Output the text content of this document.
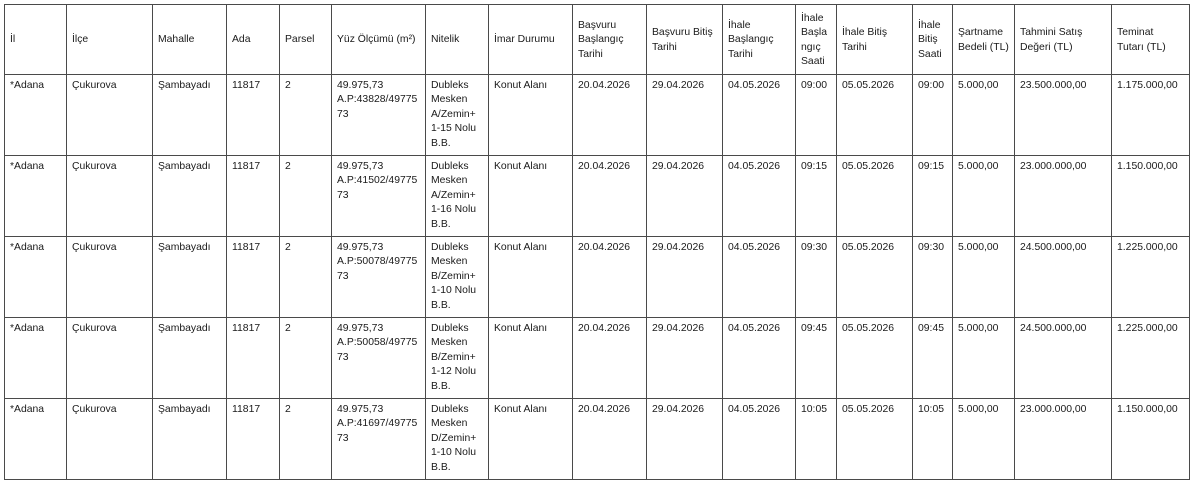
İl	İlçe	Mahalle	Ada	Parsel	Yüz Ölçümü (m²)	Nitelik	İmar Durumu	Başvuru
Başlangıç
Tarihi	Başvuru Bitiş
Tarihi	İhale
Başlangıç
Tarihi	İhale
Başla
ngıç
Saati	İhale Bitiş
Tarihi	İhale
Bitiş
Saati	Şartname
Bedeli (TL)	Tahmini Satış
Değeri (TL)	Teminat
Tutarı (TL)
*Adana	Çukurova	Şambayadı	11817	2	49.975,73
A.P:43828/49775
73	Dubleks
Mesken
A/Zemin+
1-15 Nolu
B.B.	Konut Alanı	20.04.2026	29.04.2026	04.05.2026	09:00	05.05.2026	09:00	5.000,00	23.500.000,00	1.175.000,00
*Adana	Çukurova	Şambayadı	11817	2	49.975,73
A.P:41502/49775
73	Dubleks
Mesken
A/Zemin+
1-16 Nolu
B.B.	Konut Alanı	20.04.2026	29.04.2026	04.05.2026	09:15	05.05.2026	09:15	5.000,00	23.000.000,00	1.150.000,00
*Adana	Çukurova	Şambayadı	11817	2	49.975,73
A.P:50078/49775
73	Dubleks
Mesken
B/Zemin+
1-10 Nolu
B.B.	Konut Alanı	20.04.2026	29.04.2026	04.05.2026	09:30	05.05.2026	09:30	5.000,00	24.500.000,00	1.225.000,00
*Adana	Çukurova	Şambayadı	11817	2	49.975,73
A.P:50058/49775
73	Dubleks
Mesken
B/Zemin+
1-12 Nolu
B.B.	Konut Alanı	20.04.2026	29.04.2026	04.05.2026	09:45	05.05.2026	09:45	5.000,00	24.500.000,00	1.225.000,00
*Adana	Çukurova	Şambayadı	11817	2	49.975,73
A.P:41697/49775
73	Dubleks
Mesken
D/Zemin+
1-10 Nolu
B.B.	Konut Alanı	20.04.2026	29.04.2026	04.05.2026	10:05	05.05.2026	10:05	5.000,00	23.000.000,00	1.150.000,00
